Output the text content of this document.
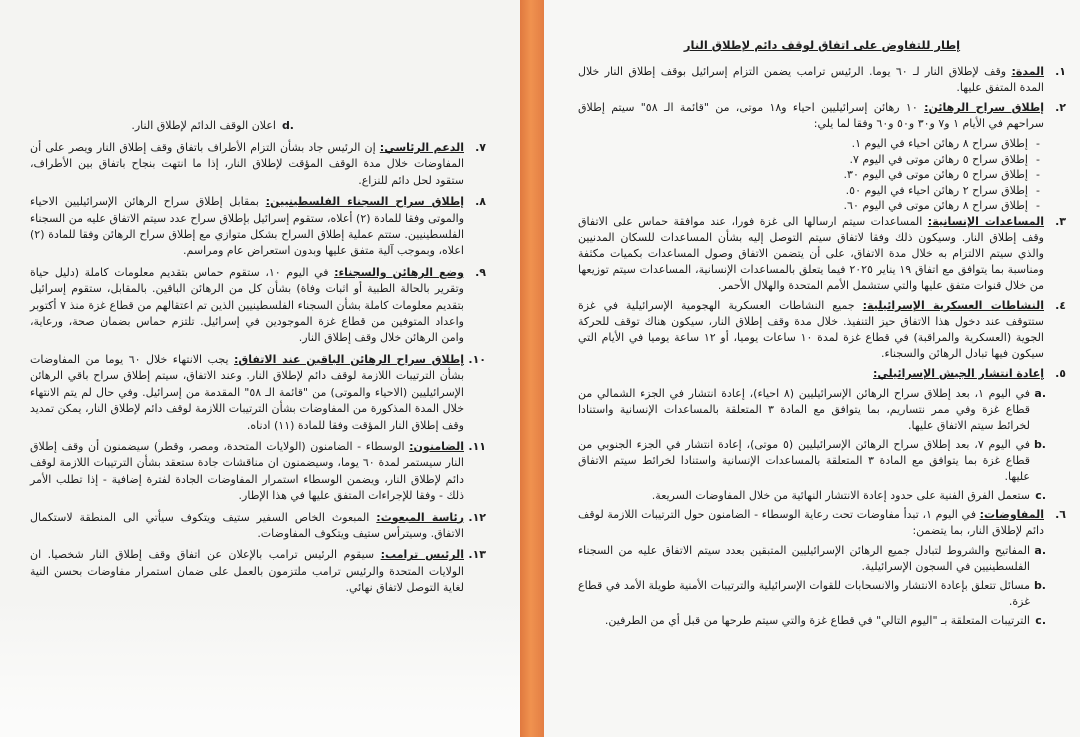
d.
اعلان الوقف الدائم لإطلاق النار.
٧.
الدعم الرئاسي: إن الرئيس جاد بشأن التزام الأطراف باتفاق وقف إطلاق النار ويصر على أن المفاوضات خلال مدة الوقف المؤقت لإطلاق النار، إذا ما انتهت بنجاح باتفاق بين الأطراف، ستقود لحل دائم للنزاع.
٨.
إطلاق سراح السجناء الفلسطينيين: بمقابل إطلاق سراح الرهائن الإسرائيليين الاحياء والموتى وفقا للمادة (٢) أعلاه، ستقوم إسرائيل بإطلاق سراح عدد سيتم الاتفاق عليه من السجناء الفلسطينيين. ستتم عملية إطلاق السراح بشكل متوازي مع إطلاق سراح الرهائن وفقا للمادة (٢) اعلاه، وبموجب آلية متفق عليها وبدون استعراض عام ومراسم.
٩.
وضع الرهائن والسجناء: في اليوم ١٠، ستقوم حماس بتقديم معلومات كاملة (دليل حياة وتقرير بالحالة الطبية أو اثبات وفاة) بشأن كل من الرهائن الباقين. بالمقابل، ستقوم إسرائيل بتقديم معلومات كاملة بشأن السجناء الفلسطينيين الذين تم اعتقالهم من قطاع غزة منذ ٧ أكتوبر واعداد المتوفين من قطاع غزة الموجودين في إسرائيل. تلتزم حماس بضمان صحة، ورعاية، وامن الرهائن خلال وقف إطلاق النار.
١٠.
إطلاق سراح الرهائن الباقين عند الاتفاق: يجب الانتهاء خلال ٦٠ يوما من المفاوضات بشأن الترتيبات اللازمة لوقف دائم لإطلاق النار. وعند الاتفاق، سيتم إطلاق سراح باقي الرهائن الإسرائيليين (الاحياء والموتى) من "قائمة الـ ٥٨" المقدمة من إسرائيل. وفي حال لم يتم الانتهاء خلال المدة المذكورة من المفاوضات بشأن الترتيبات اللازمة لوقف دائم لإطلاق النار، يمكن تمديد وقف إطلاق النار المؤقت وفقا للمادة (١١) ادناه.
١١.
الضامنون: الوسطاء - الضامنون (الولايات المتحدة، ومصر، وقطر) سيضمنون أن وقف إطلاق النار سيستمر لمدة ٦٠ يوما، وسيضمنون ان مناقشات جادة ستعقد بشأن الترتيبات اللازمة لوقف دائم لإطلاق النار، ويضمن الوسطاء استمرار المفاوضات الجادة لفترة إضافية - إذا تطلب الأمر ذلك - وفقا للإجراءات المتفق عليها في هذا الإطار.
١٢.
رئاسة المبعوث: المبعوث الخاص السفير ستيف ويتكوف سيأتي الى المنطقة لاستكمال الاتفاق. وسيترأس ستيف ويتكوف المفاوضات.
١٣.
الرئيس ترامب: سيقوم الرئيس ترامب بالإعلان عن اتفاق وقف إطلاق النار شخصيا. ان الولايات المتحدة والرئيس ترامب ملتزمون بالعمل على ضمان استمرار مفاوضات بحسن النية لغاية التوصل لاتفاق نهائي.
إطار للتفاوض على اتفاق لوقف دائم لإطلاق النار
١.
المدة: وقف لإطلاق النار لـ ٦٠ يوما. الرئيس ترامب يضمن التزام إسرائيل بوقف إطلاق النار خلال المدة المتفق عليها.
٢.
إطلاق سراح الرهائن: ١٠ رهائن إسرائيليين احياء و١٨ موتى، من "قائمة الـ ٥٨" سيتم إطلاق سراحهم في الأيام ١ و٧ و٣٠ و٥٠ و٦٠ وفقا لما يلي:
- إطلاق سراح ٨ رهائن احياء في اليوم ١.
- إطلاق سراح ٥ رهائن موتى في اليوم ٧.
- إطلاق سراح ٥ رهائن موتى في اليوم ٣٠.
- إطلاق سراح ٢ رهائن احياء في اليوم ٥٠.
- إطلاق سراح ٨ رهائن موتى في اليوم ٦٠.
٣.
المساعدات الإنسانية: المساعدات سيتم ارسالها الى غزة فورا، عند موافقة حماس على الاتفاق وقف إطلاق النار. وسيكون ذلك وفقا لاتفاق سيتم التوصل إليه بشأن المساعدات للسكان المدنيين والذي سيتم الالتزام به خلال مدة الاتفاق، على أن يتضمن الاتفاق وصول المساعدات بكميات مكثفة ومناسبة بما يتوافق مع اتفاق ١٩ يناير ٢٠٢٥ فيما يتعلق بالمساعدات الإنسانية، المساعدات سيتم توزيعها من خلال قنوات متفق عليها والتي ستشمل الأمم المتحدة والهلال الأحمر.
٤.
النشاطات العسكرية الإسرائيلية: جميع النشاطات العسكرية الهجومية الإسرائيلية في غزة ستتوقف عند دخول هذا الاتفاق حيز التنفيذ. خلال مدة وقف إطلاق النار، سيكون هناك توقف للحركة الجوية (العسكرية والمراقبة) في قطاع غزة لمدة ١٠ ساعات يوميا، أو ١٢ ساعة يوميا في الأيام التي سيكون فيها تبادل الرهائن والسجناء.
٥.
إعادة انتشار الجيش الإسرائيلي:
a.
في اليوم ١، بعد إطلاق سراح الرهائن الإسرائيليين (٨ احياء)، إعادة انتشار في الجزء الشمالي من قطاع غزة وفي ممر نتساريم، بما يتوافق مع المادة ٣ المتعلقة بالمساعدات الإنسانية واستنادا لخرائط سيتم الاتفاق عليها.
b.
في اليوم ٧، بعد إطلاق سراح الرهائن الإسرائيليين (٥ موتى)، إعادة انتشار في الجزء الجنوبي من قطاع غزة بما يتوافق مع المادة ٣ المتعلقة بالمساعدات الإنسانية واستنادا لخرائط سيتم الاتفاق عليها.
c.
ستعمل الفرق الفنية على حدود إعادة الانتشار النهائية من خلال المفاوضات السريعة.
٦.
المفاوضات: في اليوم ١، تبدأ مفاوضات تحت رعاية الوسطاء - الضامنون حول الترتيبات اللازمة لوقف دائم لإطلاق النار، بما يتضمن:
a.
المفاتيح والشروط لتبادل جميع الرهائن الإسرائيليين المتبقين بعدد سيتم الاتفاق عليه من السجناء الفلسطينيين في السجون الإسرائيلية.
b.
مسائل تتعلق بإعادة الانتشار والانسحابات للقوات الإسرائيلية والترتيبات الأمنية طويلة الأمد في قطاع غزة.
c.
الترتيبات المتعلقة بـ "اليوم التالي" في قطاع غزة والتي سيتم طرحها من قبل أي من الطرفين.
